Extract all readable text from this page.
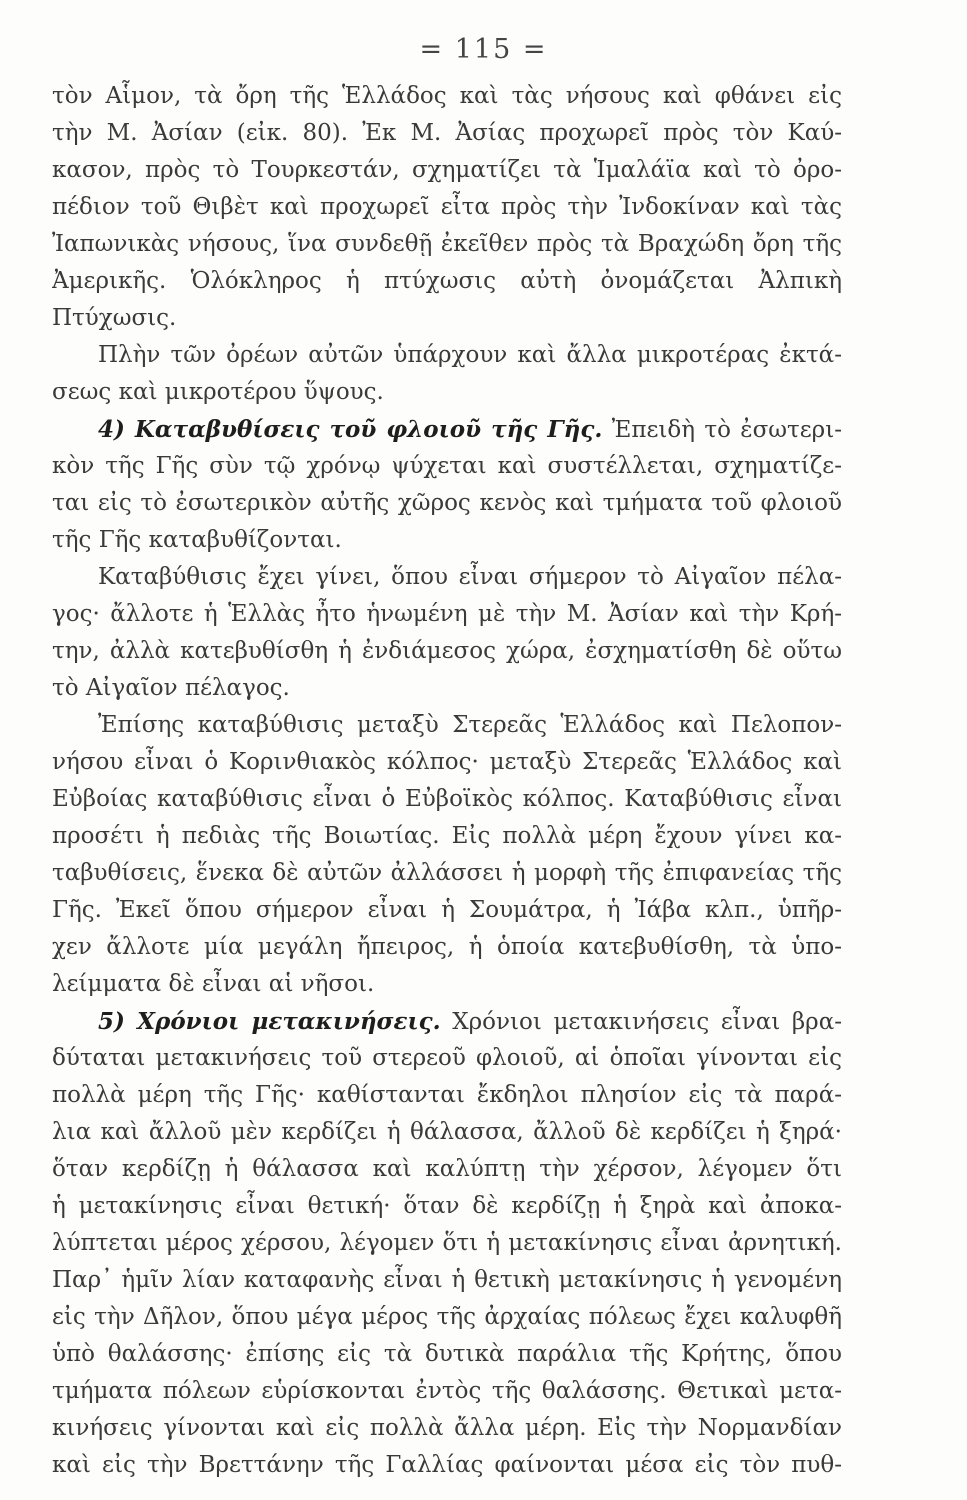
= 115 =
τὸν Αἷμον, τὰ ὄρη τῆς Ἑλλάδος καὶ τὰς νήσους καὶ φθάνει εἰς
τὴν Μ. Ἀσίαν (εἰκ. 80). Ἐκ Μ. Ἀσίας προχωρεῖ πρὸς τὸν Καύ-
κασον, πρὸς τὸ Τουρκεστάν, σχηματίζει τὰ Ἱμαλάϊα καὶ τὸ ὀρο-
πέδιον τοῦ Θιβὲτ καὶ προχωρεῖ εἶτα πρὸς τὴν Ἰνδοκίναν καὶ τὰς
Ἰαπωνικὰς νήσους, ἵνα συνδεθῇ ἐκεῖθεν πρὸς τὰ Βραχώδη ὄρη τῆς
Ἀμερικῆς. Ὁλόκληρος ἡ πτύχωσις αὐτὴ ὀνομάζεται Ἀλπικὴ
Πτύχωσις.
Πλὴν τῶν ὀρέων αὐτῶν ὑπάρχουν καὶ ἄλλα μικροτέρας ἐκτά-
σεως καὶ μικροτέρου ὕψους.
4) Καταβυθίσεις τοῦ φλοιοῦ τῆς Γῆς. Ἐπειδὴ τὸ ἐσωτερι-
κὸν τῆς Γῆς σὺν τῷ χρόνῳ ψύχεται καὶ συστέλλεται, σχηματίζε-
ται εἰς τὸ ἐσωτερικὸν αὐτῆς χῶρος κενὸς καὶ τμήματα τοῦ φλοιοῦ
τῆς Γῆς καταβυθίζονται.
Καταβύθισις ἔχει γίνει, ὅπου εἶναι σήμερον τὸ Αἰγαῖον πέλα-
γος· ἄλλοτε ἡ Ἑλλὰς ἦτο ἡνωμένη μὲ τὴν Μ. Ἀσίαν καὶ τὴν Κρή-
την, ἀλλὰ κατεβυθίσθη ἡ ἐνδιάμεσος χώρα, ἐσχηματίσθη δὲ οὕτω
τὸ Αἰγαῖον πέλαγος.
Ἐπίσης καταβύθισις μεταξὺ Στερεᾶς Ἑλλάδος καὶ Πελοπον-
νήσου εἶναι ὁ Κορινθιακὸς κόλπος· μεταξὺ Στερεᾶς Ἑλλάδος καὶ
Εὐβοίας καταβύθισις εἶναι ὁ Εὐβοϊκὸς κόλπος. Καταβύθισις εἶναι
προσέτι ἡ πεδιὰς τῆς Βοιωτίας. Εἰς πολλὰ μέρη ἔχουν γίνει κα-
ταβυθίσεις, ἕνεκα δὲ αὐτῶν ἀλλάσσει ἡ μορφὴ τῆς ἐπιφανείας τῆς
Γῆς. Ἐκεῖ ὅπου σήμερον εἶναι ἡ Σουμάτρα, ἡ Ἰάβα κλπ., ὑπῆρ-
χεν ἄλλοτε μία μεγάλη ἤπειρος, ἡ ὁποία κατεβυθίσθη, τὰ ὑπο-
λείμματα δὲ εἶναι αἱ νῆσοι.
5) Χρόνιοι μετακινήσεις. Χρόνιοι μετακινήσεις εἶναι βρα-
δύταται μετακινήσεις τοῦ στερεοῦ φλοιοῦ, αἱ ὁποῖαι γίνονται εἰς
πολλὰ μέρη τῆς Γῆς· καθίστανται ἔκδηλοι πλησίον εἰς τὰ παρά-
λια καὶ ἄλλοῦ μὲν κερδίζει ἡ θάλασσα, ἄλλοῦ δὲ κερδίζει ἡ ξηρά·
ὅταν κερδίζῃ ἡ θάλασσα καὶ καλύπτῃ τὴν χέρσον, λέγομεν ὅτι
ἡ μετακίνησις εἶναι θετική· ὅταν δὲ κερδίζῃ ἡ ξηρὰ καὶ ἀποκα-
λύπτεται μέρος χέρσου, λέγομεν ὅτι ἡ μετακίνησις εἶναι ἀρνητική.
Παρ᾽ ἡμῖν λίαν καταφανὴς εἶναι ἡ θετικὴ μετακίνησις ἡ γενομένη
εἰς τὴν Δῆλον, ὅπου μέγα μέρος τῆς ἀρχαίας πόλεως ἔχει καλυφθῆ
ὑπὸ θαλάσσης· ἐπίσης εἰς τὰ δυτικὰ παράλια τῆς Κρήτης, ὅπου
τμήματα πόλεων εὑρίσκονται ἐντὸς τῆς θαλάσσης. Θετικαὶ μετα-
κινήσεις γίνονται καὶ εἰς πολλὰ ἄλλα μέρη. Εἰς τὴν Νορμανδίαν
καὶ εἰς τὴν Βρεττάνην τῆς Γαλλίας φαίνονται μέσα εἰς τὸν πυθ-
